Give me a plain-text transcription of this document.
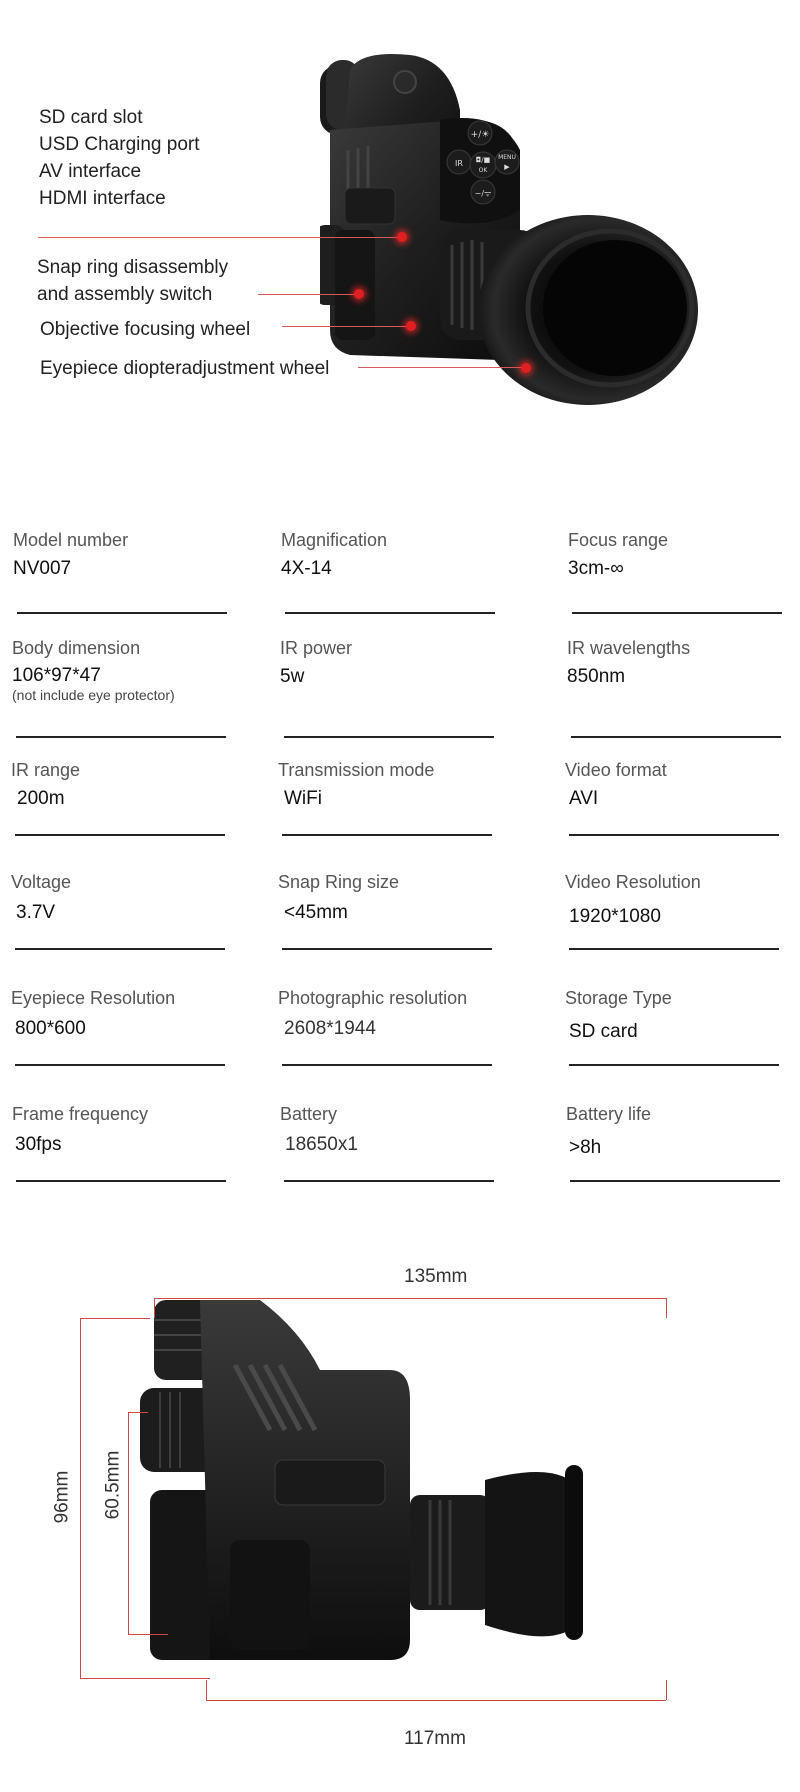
+/☀
IR ◘/■
OK
MENU
▶
−/ᯤ
SD card slot
USD Charging port
AV interface
HDMI interface
Snap ring disassembly
and assembly switch
Objective focusing wheel
Eyepiece diopteradjustment wheel
Model number
NV007
Magnification
4X-14
Focus range
3cm-∞
Body dimension
106*97*47
(not include eye protector)
IR power
5w
IR wavelengths
850nm
IR range
200m
Transmission mode
WiFi
Video format
AVI
Voltage
3.7V
Snap Ring size
<45mm
Video Resolution
1920*1080
Eyepiece Resolution
800*600
Photographic resolution
2608*1944
Storage Type
SD card
Frame frequency
30fps
Battery
18650x1
Battery life
>8h
135mm
117mm
96mm 60.5mm
